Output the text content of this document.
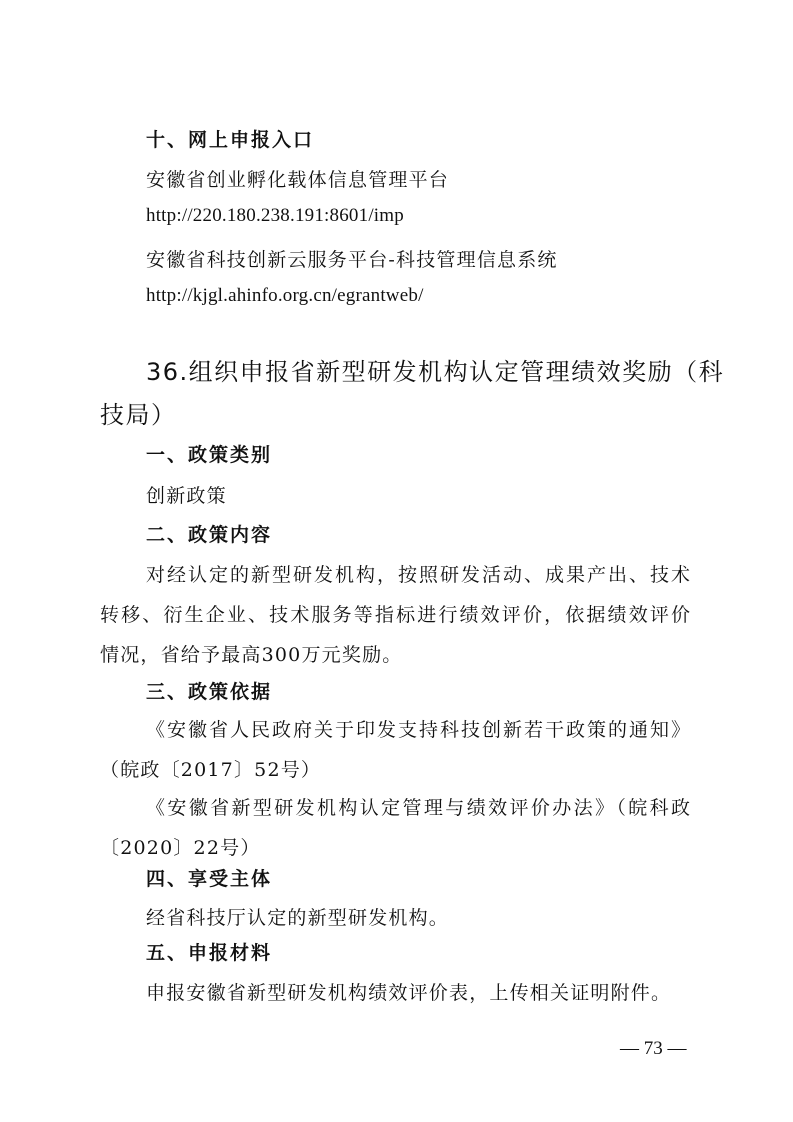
十、网上申报入口
安徽省创业孵化载体信息管理平台
http://220.180.238.191:8601/imp
安徽省科技创新云服务平台-科技管理信息系统
http://kjgl.ahinfo.org.cn/egrantweb/
36.组织申报省新型研发机构认定管理绩效奖励（科
技局）
一、政策类别
创新政策
二、政策内容
对经认定的新型研发机构，按照研发活动、成果产出、技术
转移、衍生企业、技术服务等指标进行绩效评价，依据绩效评价
情况，省给予最高300万元奖励。
三、政策依据
《安徽省人民政府关于印发支持科技创新若干政策的通知》
（皖政〔2017〕52号）
《安徽省新型研发机构认定管理与绩效评价办法》（皖科政
〔2020〕22号）
四、享受主体
经省科技厅认定的新型研发机构。
五、申报材料
申报安徽省新型研发机构绩效评价表，上传相关证明附件。
— 73 —
